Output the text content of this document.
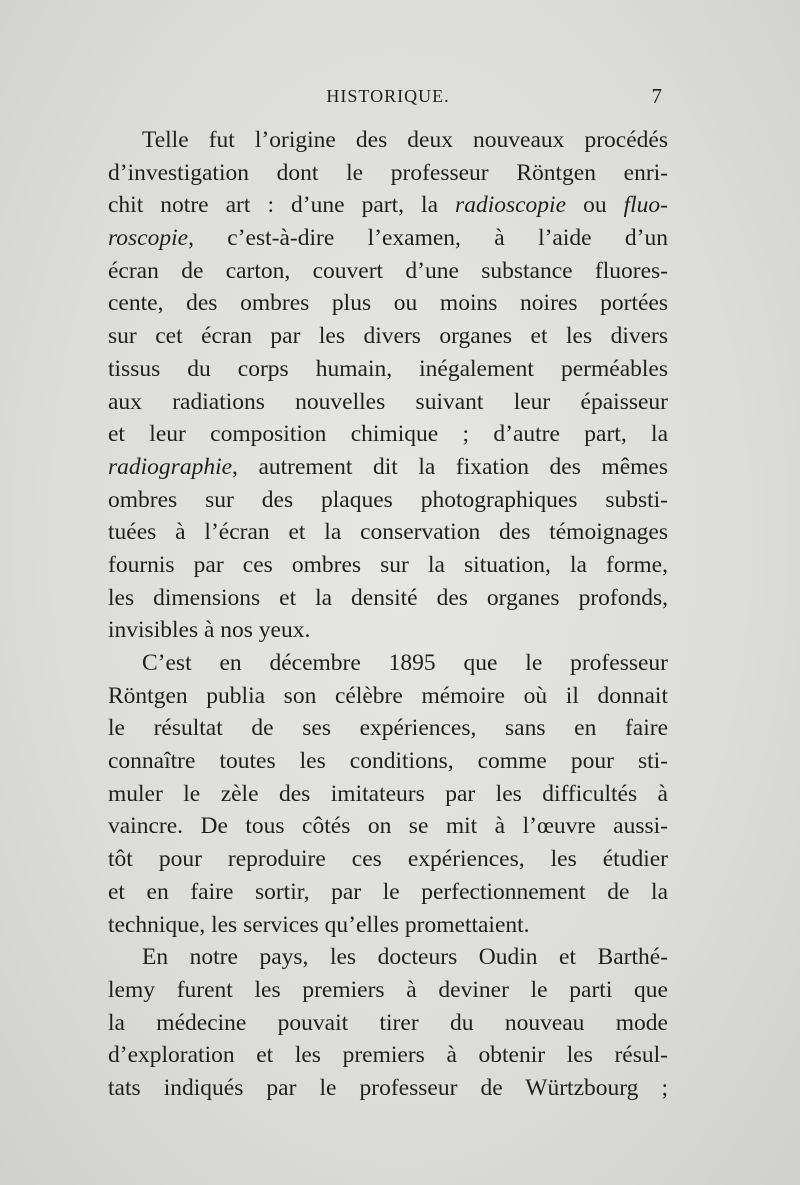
HISTORIQUE.	7
Telle fut l’origine des deux nouveaux procédés
d’investigation dont le professeur Röntgen enri-
chit notre art : d’une part, la radioscopie ou fluo-
roscopie, c’est-à-dire l’examen, à l’aide d’un
écran de carton, couvert d’une substance fluores-
cente, des ombres plus ou moins noires portées
sur cet écran par les divers organes et les divers
tissus du corps humain, inégalement perméables
aux radiations nouvelles suivant leur épaisseur
et leur composition chimique ; d’autre part, la
radiographie, autrement dit la fixation des mêmes
ombres sur des plaques photographiques substi-
tuées à l’écran et la conservation des témoignages
fournis par ces ombres sur la situation, la forme,
les dimensions et la densité des organes profonds,
invisibles à nos yeux.
C’est en décembre 1895 que le professeur
Röntgen publia son célèbre mémoire où il donnait
le résultat de ses expériences, sans en faire
connaître toutes les conditions, comme pour sti-
muler le zèle des imitateurs par les difficultés à
vaincre. De tous côtés on se mit à l’œuvre aussi-
tôt pour reproduire ces expériences, les étudier
et en faire sortir, par le perfectionnement de la
technique, les services qu’elles promettaient.
En notre pays, les docteurs Oudin et Barthé-
lemy furent les premiers à deviner le parti que
la médecine pouvait tirer du nouveau mode
d’exploration et les premiers à obtenir les résul-
tats indiqués par le professeur de Würtzbourg ;
